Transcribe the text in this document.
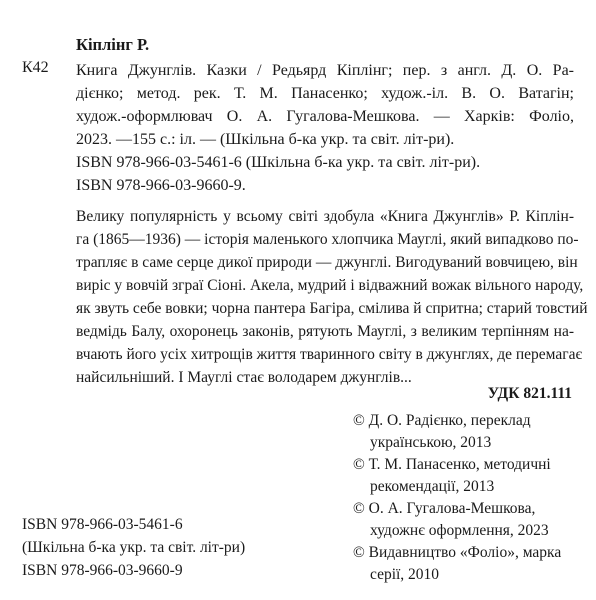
Кіплінг Р.
К42 Книга Джунглів. Казки / Редьярд Кіплінг; пер. з англ. Д. О. Ра-
дієнко; метод. рек. Т. М. Панасенко; худож.-іл. В. О. Ватагін;
худож.-оформлювач О. А. Гугалова-Мешкова. — Харків: Фоліо,
2023. —155 с.: іл. — (Шкільна б-ка укр. та світ. літ-ри).
ISBN 978-966-03-5461-6 (Шкільна б-ка укр. та світ. літ-ри).
ISBN 978-966-03-9660-9.
Велику популярність у всьому світі здобула «Книга Джунглів» Р. Кіплін-
га (1865—1936) — історія маленького хлопчика Мауглі, який випадково по-
трапляє в саме серце дикої природи — джунглі. Вигодуваний вовчицею, він
виріс у вовчій зграї Сіоні. Акела, мудрий і відважний вожак вільного народу,
як звуть себе вовки; чорна пантера Багіра, смілива й спритна; старий товстий
ведмідь Балу, охоронець законів, рятують Мауглі, з великим терпінням на-
вчають його усіх хитрощів життя тваринного світу в джунглях, де перемагає
найсильніший. І Мауглі стає володарем джунглів...
УДК 821.111
© Д. О. Радієнко, переклад
українською, 2013
© Т. М. Панасенко, методичні
рекомендації, 2013
© О. А. Гугалова-Мешкова,
художнє оформлення, 2023
© Видавництво «Фоліо», марка
серії, 2010
ISBN 978-966-03-5461-6
(Шкільна б-ка укр. та світ. літ-ри)
ISBN 978-966-03-9660-9
